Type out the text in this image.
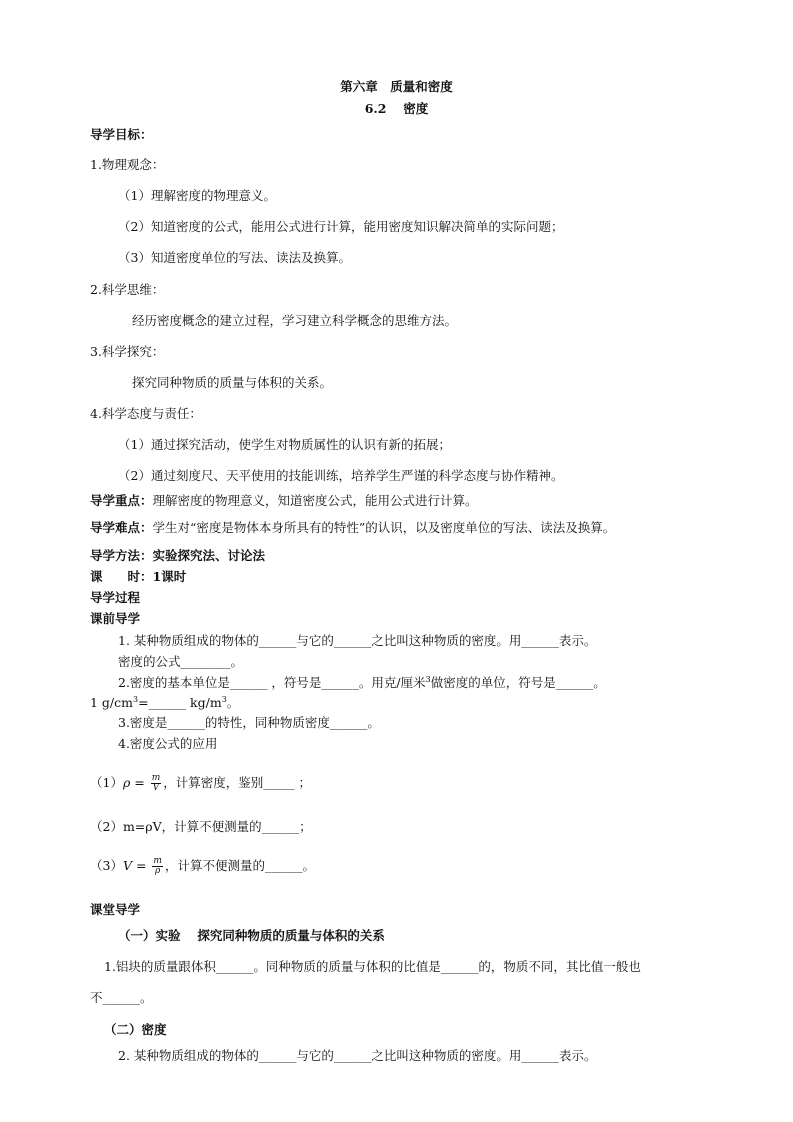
第六章　质量和密度
6.2　 密度
导学目标：
1.物理观念：
（1）理解密度的物理意义。
（2）知道密度的公式，能用公式进行计算，能用密度知识解决简单的实际问题；
（3）知道密度单位的写法、读法及换算。
2.科学思维：
经历密度概念的建立过程，学习建立科学概念的思维方法。
3.科学探究：
探究同种物质的质量与体积的关系。
4.科学态度与责任：
（1）通过探究活动，使学生对物质属性的认识有新的拓展；
（2）通过刻度尺、天平使用的技能训练，培养学生严谨的科学态度与协作精神。
导学重点：理解密度的物理意义，知道密度公式，能用公式进行计算。
导学难点：学生对“密度是物体本身所具有的特性”的认识，以及密度单位的写法、读法及换算。
导学方法：实验探究法、讨论法
课　　时：1课时
导学过程
课前导学
1. 某种物质组成的物体的______与它的______之比叫这种物质的密度。用______表示。
密度的公式________。
2.密度的基本单位是______ ，符号是______。用克/厘米$^3$做密度的单位，符号是______。
1 $g/cm^3=\_\_\_\_\_\_$ $kg/m^3$。
3.密度是______的特性，同种物质密度______。
4.密度公式的应用
$(1)\rho = \frac{m}{V}$ ，计算密度，鉴别_____ ；
（2）m=ρV，计算不便测量的______；
$(3)V = \frac{m}{\rho}$ ，计算不便测量的______。
课堂导学
（一）实验　 探究同种物质的质量与体积的关系
1.铝块的质量跟体积______。同种物质的质量与体积的比值是______的，物质不同，其比值一般也
不______。
（二）密度
2. 某种物质组成的物体的______与它的______之比叫这种物质的密度。用______表示。
